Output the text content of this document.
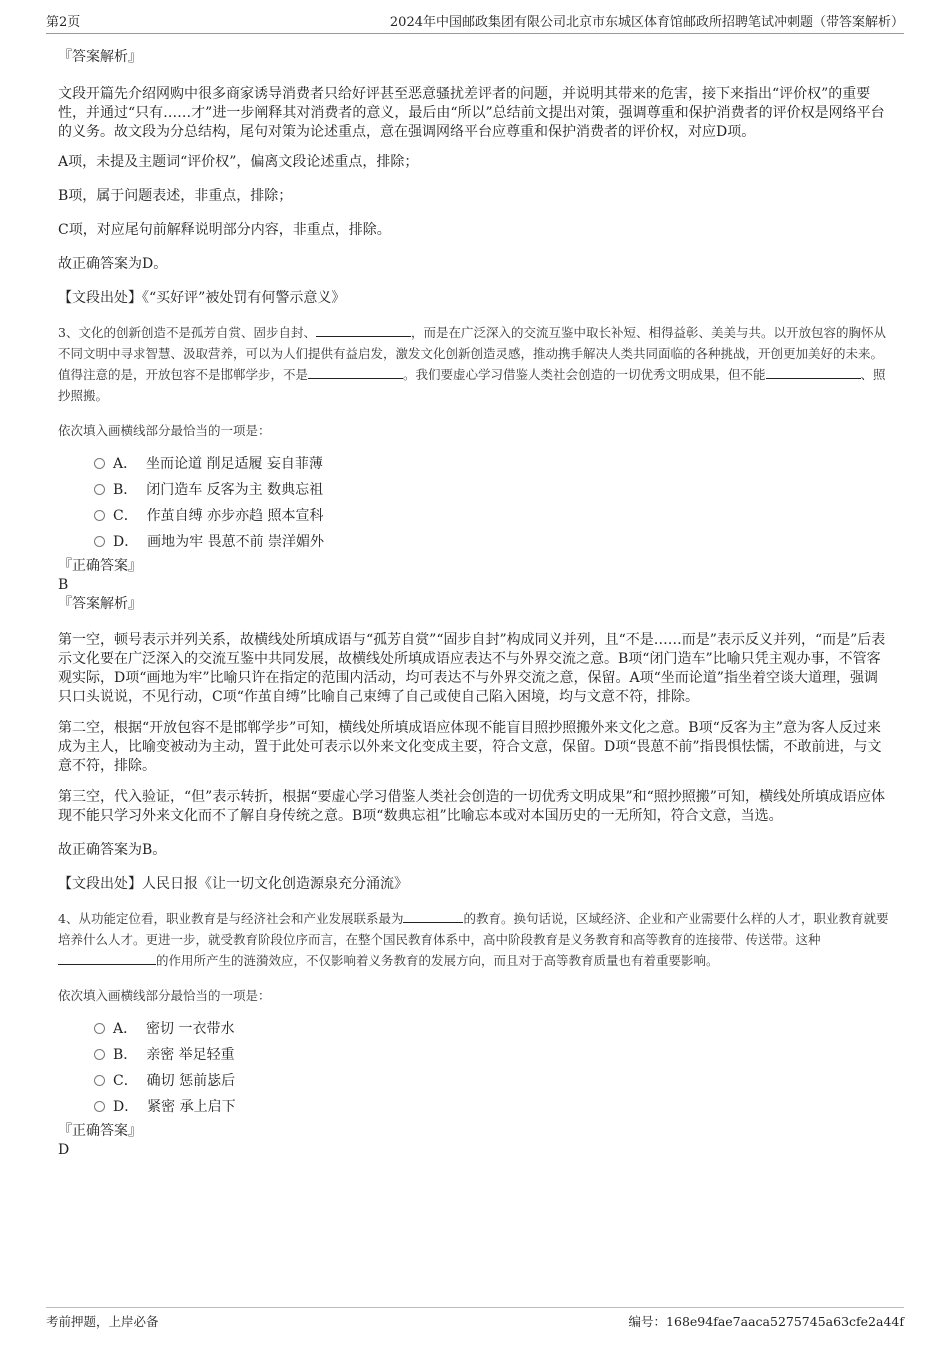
第2页	2024年中国邮政集团有限公司北京市东城区体育馆邮政所招聘笔试冲刺题（带答案解析）

『答案解析』

文段开篇先介绍网购中很多商家诱导消费者只给好评甚至恶意骚扰差评者的问题，并说明其带来的危害，接下来指出“评价权”的重要性，并通过“只有……才”进一步阐释其对消费者的意义，最后由“所以”总结前文提出对策，强调尊重和保护消费者的评价权是网络平台的义务。故文段为分总结构，尾句对策为论述重点，意在强调网络平台应尊重和保护消费者的评价权，对应D项。

A项，未提及主题词“评价权”，偏离文段论述重点，排除；

B项，属于问题表述，非重点，排除；

C项，对应尾句前解释说明部分内容，非重点，排除。

故正确答案为D。

【文段出处】《“买好评”被处罚有何警示意义》

3、文化的创新创造不是孤芳自赏、固步自封、	，而是在广泛深入的交流互鉴中取长补短、相得益彰、美美与共。以开放包容的胸怀从不同文明中寻求智慧、汲取营养，可以为人们提供有益启发，激发文化创新创造灵感，推动携手解决人类共同面临的各种挑战，开创更加美好的未来。值得注意的是，开放包容不是邯郸学步，不是	。我们要虚心学习借鉴人类社会创造的一切优秀文明成果，但不能	、照抄照搬。

依次填入画横线部分最恰当的一项是：

A． 坐而论道 削足适履 妄自菲薄
B． 闭门造车 反客为主 数典忘祖
C． 作茧自缚 亦步亦趋 照本宣科
D． 画地为牢 畏葸不前 崇洋媚外

『正确答案』

B

『答案解析』

第一空，顿号表示并列关系，故横线处所填成语与“孤芳自赏”“固步自封”构成同义并列，且“不是……而是”表示反义并列，“而是”后表示文化要在广泛深入的交流互鉴中共同发展，故横线处所填成语应表达不与外界交流之意。B项“闭门造车”比喻只凭主观办事，不管客观实际，D项“画地为牢”比喻只许在指定的范围内活动，均可表达不与外界交流之意，保留。A项“坐而论道”指坐着空谈大道理，强调只口头说说，不见行动，C项“作茧自缚”比喻自己束缚了自己或使自己陷入困境，均与文意不符，排除。

第二空，根据“开放包容不是邯郸学步”可知，横线处所填成语应体现不能盲目照抄照搬外来文化之意。B项“反客为主”意为客人反过来成为主人，比喻变被动为主动，置于此处可表示以外来文化变成主要，符合文意，保留。D项“畏葸不前”指畏惧怯懦，不敢前进，与文意不符，排除。

第三空，代入验证，“但”表示转折，根据“要虚心学习借鉴人类社会创造的一切优秀文明成果”和“照抄照搬”可知，横线处所填成语应体现不能只学习外来文化而不了解自身传统之意。B项“数典忘祖”比喻忘本或对本国历史的一无所知，符合文意，当选。

故正确答案为B。

【文段出处】人民日报《让一切文化创造源泉充分涌流》

4、从功能定位看，职业教育是与经济社会和产业发展联系最为	的教育。换句话说，区域经济、企业和产业需要什么样的人才，职业教育就要培养什么人才。更进一步，就受教育阶段位序而言，在整个国民教育体系中，高中阶段教育是义务教育和高等教育的连接带、传送带。这种的作用所产生的涟漪效应，不仅影响着义务教育的发展方向，而且对于高等教育质量也有着重要影响。

依次填入画横线部分最恰当的一项是：

A． 密切 一衣带水
B． 亲密 举足轻重
C． 确切 惩前毖后
D． 紧密 承上启下

『正确答案』

D

考前押题，上岸必备	编号：168e94fae7aaca5275745a63cfe2a44f
